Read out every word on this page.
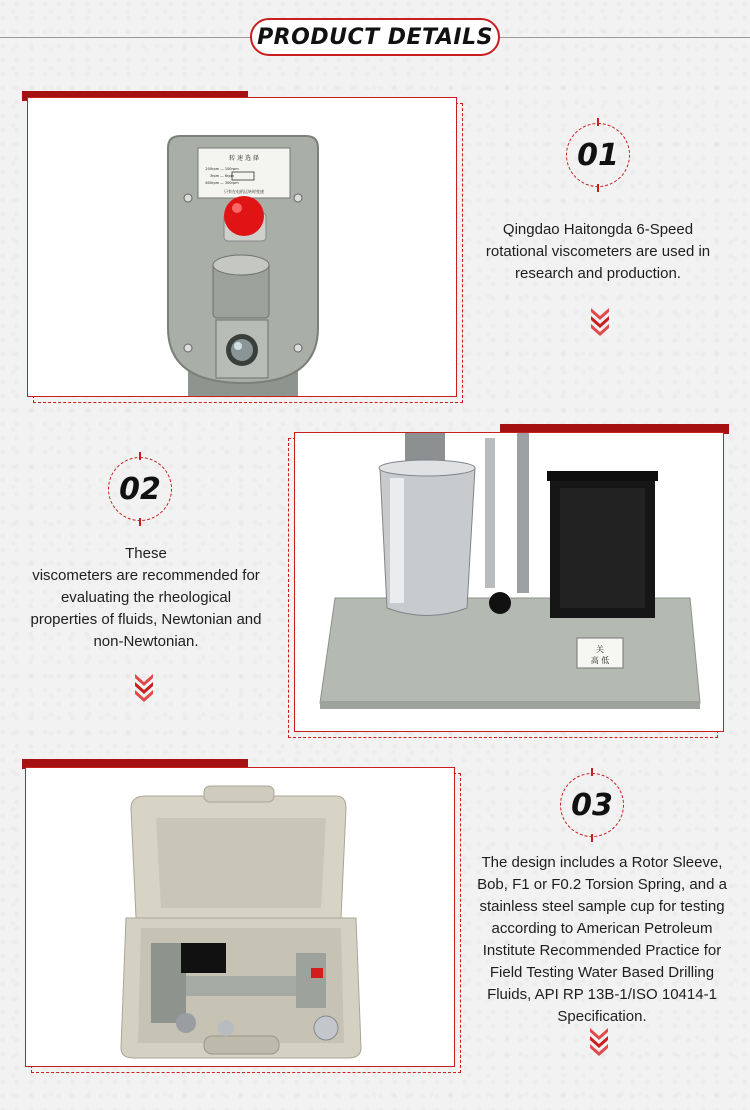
PRODUCT DETAILS
转 速 选 择
200rpm — 100rpm
3rpm — 6rpm
600rpm — 300rpm
只有在电机运转时变速
01
Qingdao Haitongda 6-Speed rotational viscometers are used in research and production.
02
These
viscometers are recommended for
evaluating the rheological
properties of fluids, Newtonian and
non-Newtonian.	关
高 低
03
The design includes a Rotor Sleeve,
Bob, F1 or F0.2 Torsion Spring, and a
stainless steel sample cup for testing
according to American Petroleum
Institute Recommended Practice for
Field Testing Water Based Drilling
Fluids, API RP 13B-1/ISO 10414-1
Specification.
